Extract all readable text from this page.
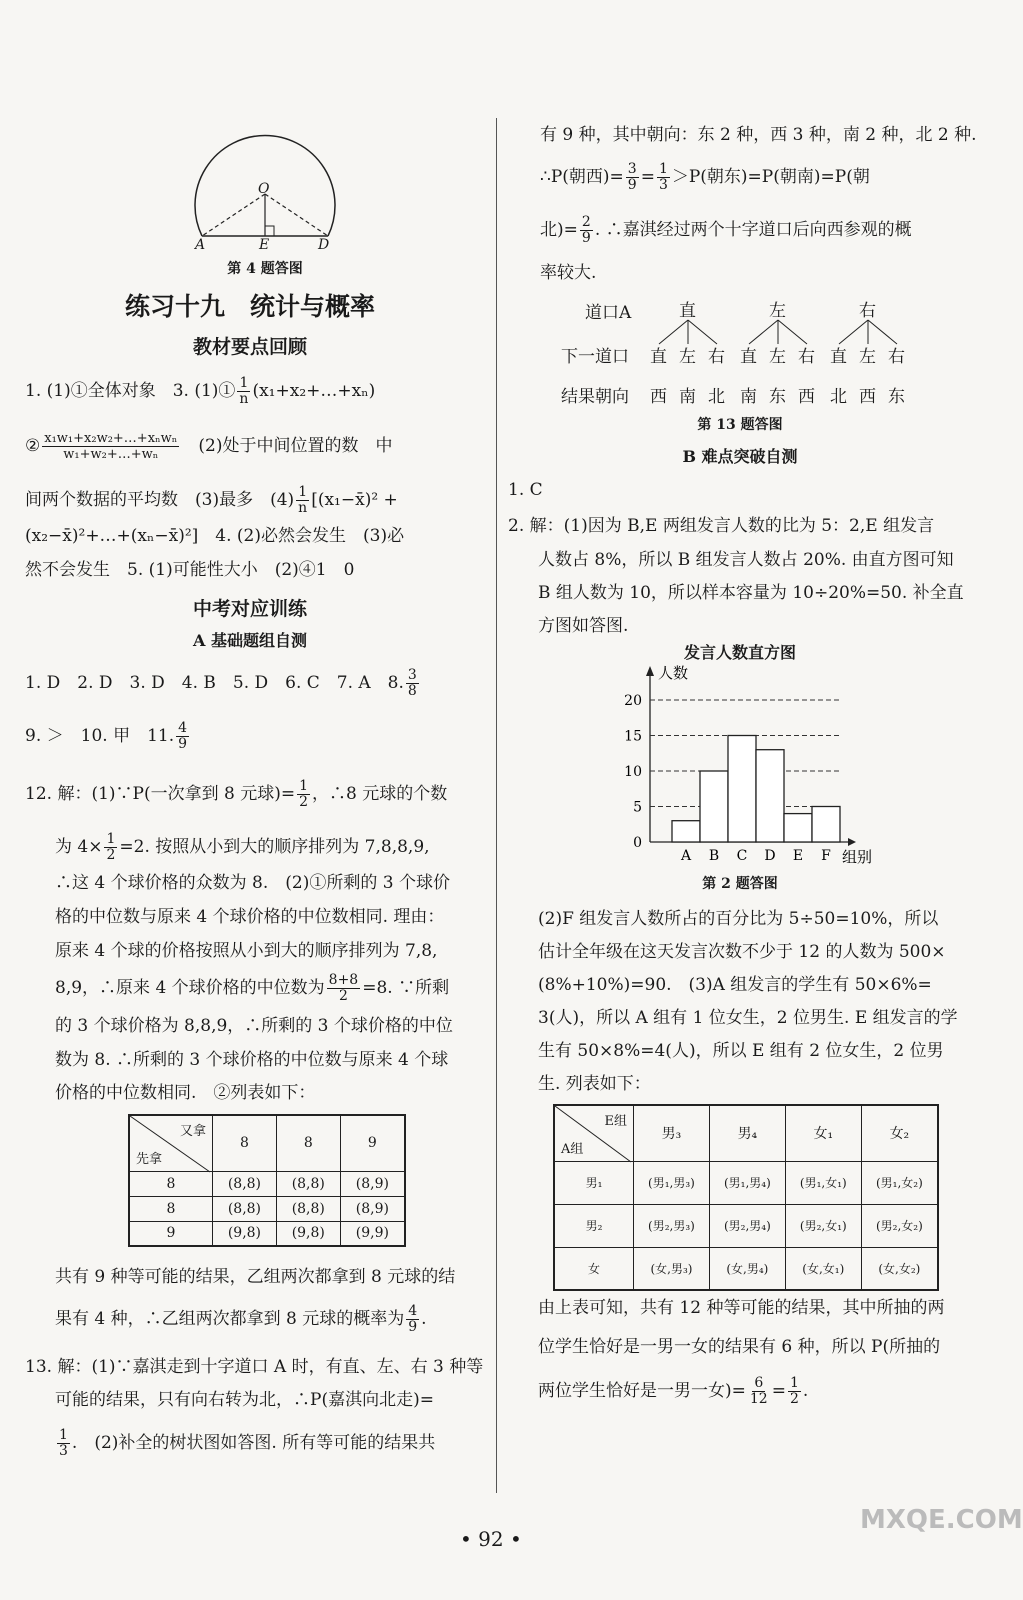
O
A	E	D
第 4 题答图
练习十九　统计与概率
教材要点回顾
1. (1)①全体对象　3. (1)① $\frac{1}{n}$ (x₁+x₂+…+xₙ)
② $\frac{\text{x₁w₁+x₂w₂+…+xₙwₙ}}{\text{w₁+w₂+…+wₙ}}$ 　(2)处于中间位置的数　中
间两个数据的平均数　(3)最多　$(4) \frac{1}{n}$ [(x₁−x̄)² +
(x₂−x̄)²+…+(xₙ−x̄)²]　4. (2)必然会发生　(3)必
然不会发生　5. (1)可能性大小　(2)④1　0
中考对应训练
A 基础题组自测
1. D　2. D　3. D　4. B　5. D　6. C　7. A　8. $\frac{3}{8}$
9. ＞　10. 甲　11. $\frac{4}{9}$
12. 解：(1)∵P(一次拿到 8 元球)= $\frac{1}{2}$ ，∴8 元球的个数
为 $4\times \frac{1}{2} =2$. 按照从小到大的顺序排列为 7,8,8,9,
∴这 4 个球价格的众数为 8.　(2)①所剩的 3 个球价
格的中位数与原来 4 个球价格的中位数相同. 理由：
原来 4 个球的价格按照从小到大的顺序排列为 7,8,
8,9，∴原来 4 个球价格的中位数为 $\frac{8+8}{2} =8$. ∵所剩
的 3 个球价格为 8,8,9，∴所剩的 3 个球价格的中位
数为 8. ∴所剩的 3 个球价格的中位数与原来 4 个球
价格的中位数相同.　②列表如下：
又拿
先拿	8	8	9
8	(8,8)	(8,8)	(8,9)
8	(8,8)	(8,8)	(8,9)
9	(9,8)	(9,8)	(9,9)
共有 9 种等可能的结果，乙组两次都拿到 8 元球的结
果有 4 种，∴乙组两次都拿到 8 元球的概率为 $\frac{4}{9}$ .
13. 解：(1)∵嘉淇走到十字道口 A 时，有直、左、右 3 种等
可能的结果，只有向右转为北，∴P(嘉淇向北走)=
$\frac{1}{3}$ .　(2)补全的树状图如答图. 所有等可能的结果共
有 9 种，其中朝向：东 2 种，西 3 种，南 2 种，北 2 种.
∴P(朝西)= $\frac{3}{9} = \frac{1}{3} >P$(朝东)=P(朝南)=P(朝
北)= $\frac{2}{9}$ . ∴嘉淇经过两个十字道口后向西参观的概
率较大.
道口A
下一道口
结果朝向
直	左	右
直 左 右 直 左 右 直 左 右
西 南 北 南 东 西 北 西 东
第 13 题答图
B 难点突破自测
1. C
2. 解：(1)因为 B,E 两组发言人数的比为 5：2,E 组发言
人数占 8%，所以 B 组发言人数占 20%. 由直方图可知
B 组人数为 10，所以样本容量为 10÷20%=50. 补全直
方图如答图.
发言人数直方图
0
5
10
15
20
A B C D E F
人数
组别
第 2 题答图
(2)F 组发言人数所占的百分比为 5÷50=10%，所以
估计全年级在这天发言次数不少于 12 的人数为 500×
(8%+10%)=90.　(3)A 组发言的学生有 50×6%=
3(人)，所以 A 组有 1 位女生，2 位男生. E 组发言的学
生有 50×8%=4(人)，所以 E 组有 2 位女生，2 位男
生. 列表如下：
E组
A组	男₃	男₄	女₁	女₂
男₁	(男₁,男₃)	(男₁,男₄)	(男₁,女₁)	(男₁,女₂)
男₂	(男₂,男₃)	(男₂,男₄)	(男₂,女₁)	(男₂,女₂)
女	(女,男₃)	(女,男₄)	(女,女₁)	(女,女₂)
由上表可知，共有 12 种等可能的结果，其中所抽的两
位学生恰好是一男一女的结果有 6 种，所以 P(所抽的
两位学生恰好是一男一女)= $\frac{6}{12} = \frac{1}{2}$ .
• 92 •
MXQE.COM
